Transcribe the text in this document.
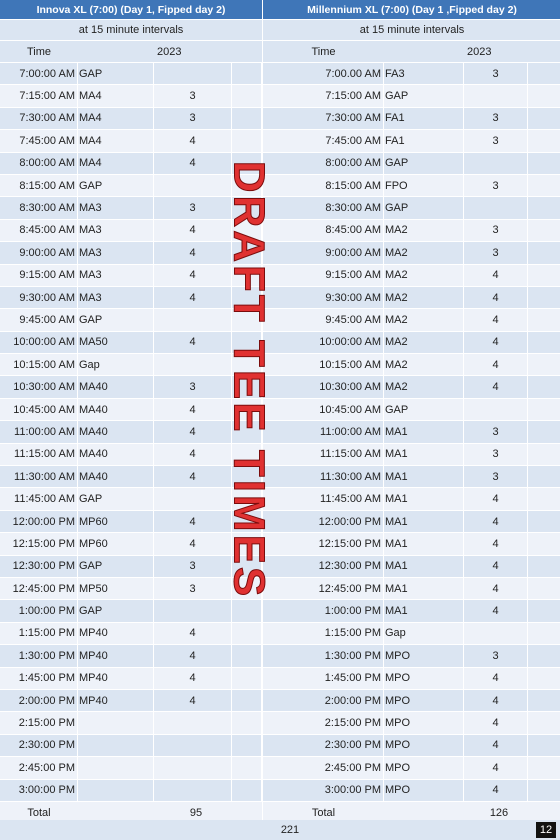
Innova XL (7:00) (Day 1, Fipped day 2)
at 15 minute intervals
Time	2023
7:00:00 AM GAP
7:15:00 AM MA4	3
7:30:00 AM MA4	3
7:45:00 AM MA4	4
8:00:00 AM MA4	4
8:15:00 AM GAP
8:30:00 AM MA3	3
8:45:00 AM MA3	4
9:00:00 AM MA3	4
9:15:00 AM MA3	4
9:30:00 AM MA3	4
9:45:00 AM GAP
10:00:00 AM MA50	4
10:15:00 AM Gap
10:30:00 AM MA40	3
10:45:00 AM MA40	4
11:00:00 AM MA40	4
11:15:00 AM MA40	4
11:30:00 AM MA40	4
11:45:00 AM GAP
12:00:00 PM MP60	4
12:15:00 PM MP60	4
12:30:00 PM GAP	3
12:45:00 PM MP50	3
1:00:00 PM GAP
1:15:00 PM MP40	4
1:30:00 PM MP40	4
1:45:00 PM MP40	4
2:00:00 PM MP40	4
2:15:00 PM
2:30:00 PM
2:45:00 PM
3:00:00 PM
Total	95
Millennium XL (7:00) (Day 1 ,Fipped day 2)
at 15 minute intervals
Time	2023
7:00.00 AM FA3	3
7:15:00 AM GAP
7:30:00 AM FA1	3
7:45:00 AM FA1	3
8:00:00 AM GAP
8:15:00 AM FPO	3
8:30:00 AM GAP
8:45:00 AM MA2	3
9:00:00 AM MA2	3
9:15:00 AM MA2	4
9:30:00 AM MA2	4
9:45:00 AM MA2	4
10:00:00 AM MA2	4
10:15:00 AM MA2	4
10:30:00 AM MA2	4
10:45:00 AM GAP
11:00:00 AM MA1	3
11:15:00 AM MA1	3
11:30:00 AM MA1	3
11:45:00 AM MA1	4
12:00:00 PM MA1	4
12:15:00 PM MA1	4
12:30:00 PM MA1	4
12:45:00 PM MA1	4
1:00:00 PM MA1	4
1:15:00 PM Gap
1:30:00 PM MPO	3
1:45:00 PM MPO	4
2:00:00 PM MPO	4
2:15:00 PM MPO	4
2:30:00 PM MPO	4
2:45:00 PM MPO	4
3:00:00 PM MPO	4
Total	126
221	12
DRAFT TEE TIMES
